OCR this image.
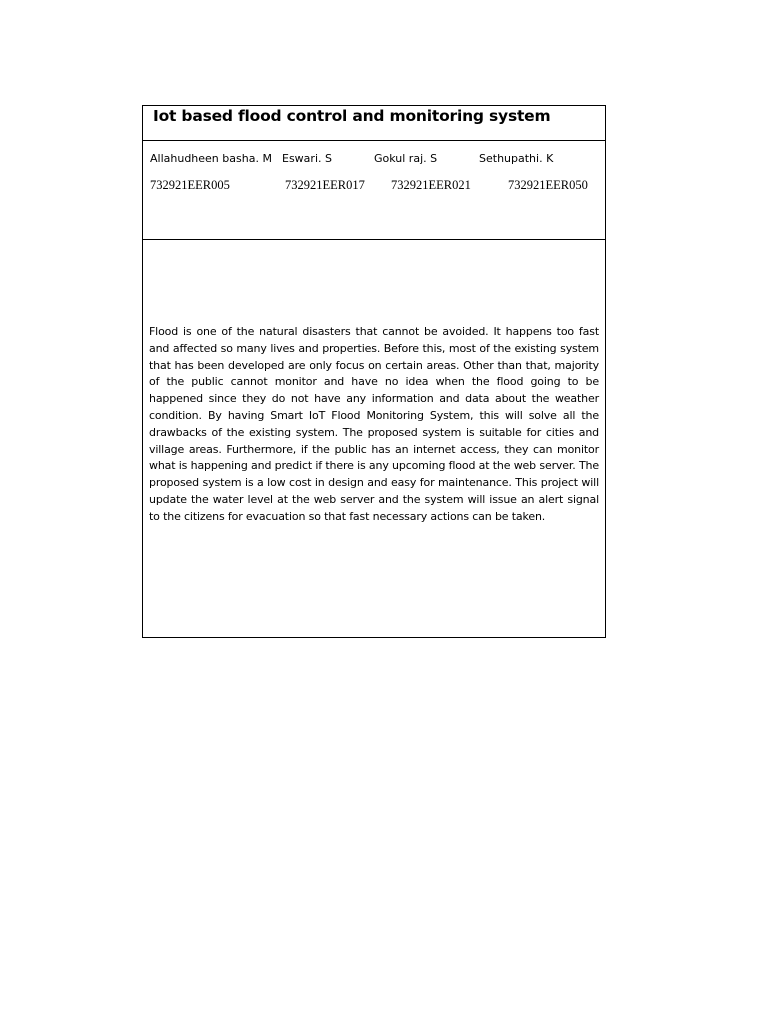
Iot based flood control and monitoring system
Allahudheen basha. M Eswari. S	Gokul raj. S	Sethupathi. K
732921EER005	732921EER017 732921EER021	732921EER050

Flood is one of the natural disasters that cannot be avoided. It happens too fast and affected so many lives and properties. Before this, most of the existing system that has been developed are only focus on certain areas. Other than that, majority of the public cannot monitor and have no idea when the flood going to be happened since they do not have any information and data about the weather condition. By having Smart IoT Flood Monitoring System, this will solve all the drawbacks of the existing system. The proposed system is suitable for cities and village areas. Furthermore, if the public has an internet access, they can monitor what is happening and predict if there is any upcoming flood at the web server. The proposed system is a low cost in design and easy for maintenance. This project will update the water level at the web server and the system will issue an alert signal to the citizens for evacuation so that fast necessary actions can be taken.
